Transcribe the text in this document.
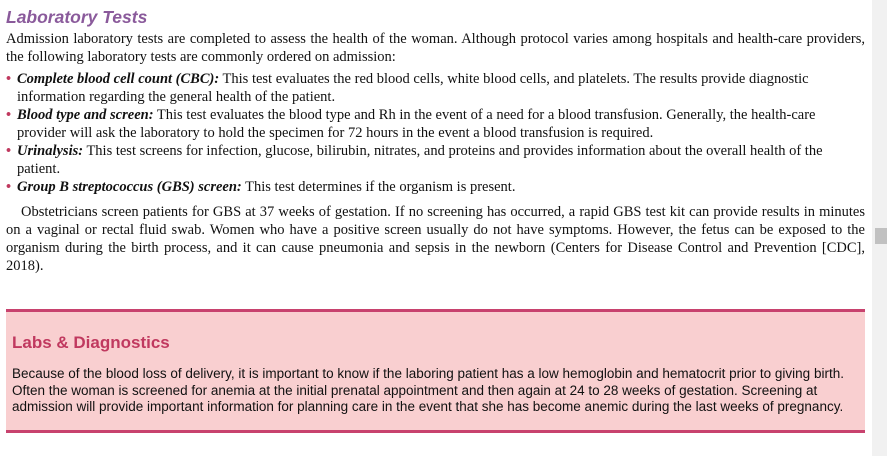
Laboratory Tests

Admission laboratory tests are completed to assess the health of the woman. Although protocol varies among hospitals and health-care providers, the following laboratory tests are commonly ordered on admission:

• Complete blood cell count (CBC): This test evaluates the red blood cells, white blood cells, and platelets. The results provide diagnostic information regarding the general health of the patient.
• Blood type and screen: This test evaluates the blood type and Rh in the event of a need for a blood transfusion. Generally, the health-care provider will ask the laboratory to hold the specimen for 72 hours in the event a blood transfusion is required.
• Urinalysis: This test screens for infection, glucose, bilirubin, nitrates, and proteins and provides information about the overall health of the patient.
• Group B streptococcus (GBS) screen: This test determines if the organism is present.

Obstetricians screen patients for GBS at 37 weeks of gestation. If no screening has occurred, a rapid GBS test kit can provide results in minutes on a vaginal or rectal fluid swab. Women who have a positive screen usually do not have symptoms. However, the fetus can be exposed to the organism during the birth process, and it can cause pneumonia and sepsis in the newborn (Centers for Disease Control and Prevention [CDC], 2018).

Labs & Diagnostics

Because of the blood loss of delivery, it is important to know if the laboring patient has a low hemoglobin and hematocrit prior to giving birth. Often the woman is screened for anemia at the initial prenatal appointment and then again at 24 to 28 weeks of gestation. Screening at admission will provide important information for planning care in the event that she has become anemic during the last weeks of pregnancy.
